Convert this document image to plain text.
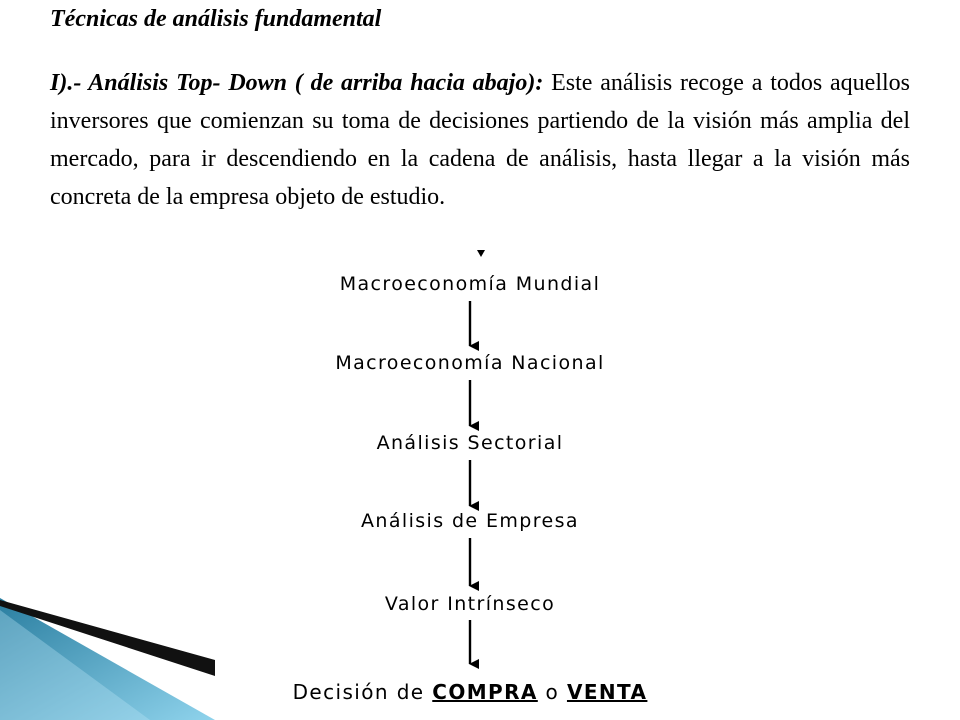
Técnicas de análisis fundamental

I).- Análisis Top- Down ( de arriba hacia abajo): Este análisis recoge a todos aquellos inversores que comienzan su toma de decisiones partiendo de la visión más amplia del mercado, para ir descendiendo en la cadena de análisis, hasta llegar a la visión más concreta de la empresa objeto de estudio.

Macroeconomía Mundial
Macroeconomía Nacional
Análisis Sectorial
Análisis de Empresa
Valor Intrínseco
Decisión de COMPRA o VENTA
